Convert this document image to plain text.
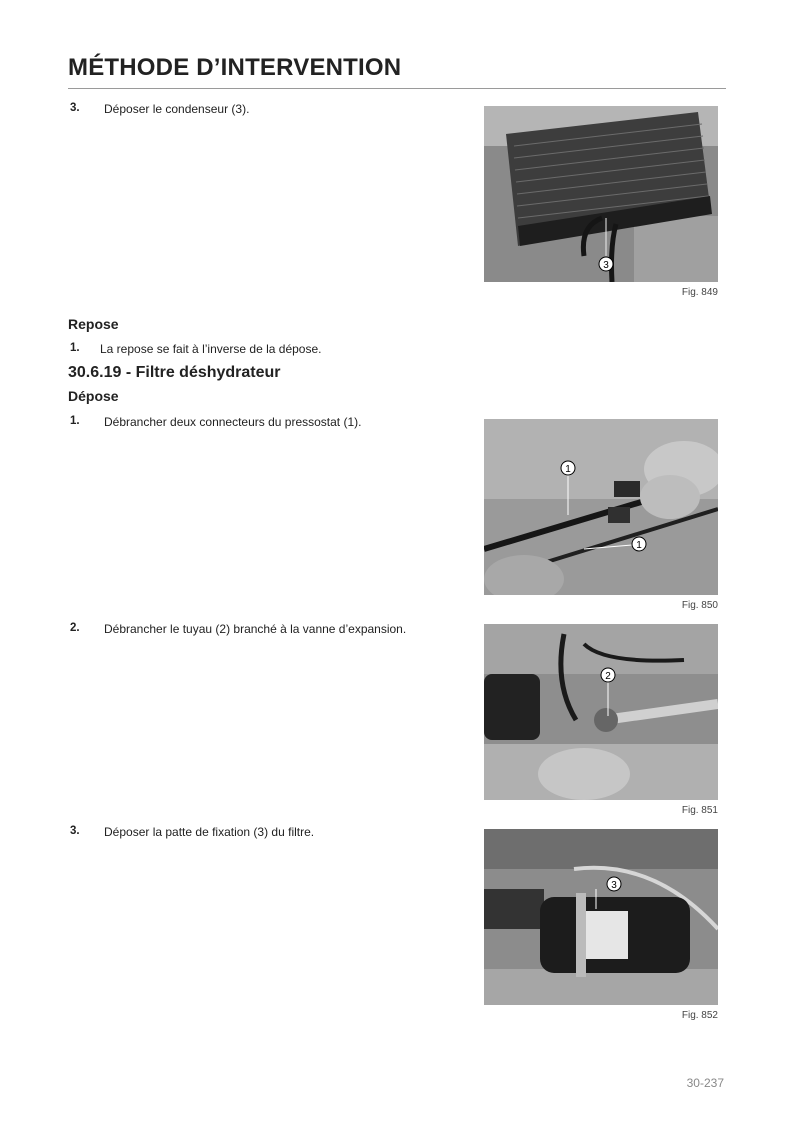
MÉTHODE D’INTERVENTION
3. Déposer le condenseur (3).
3
Fig. 849
Repose
1. La repose se fait à l’inverse de la dépose.
30.6.19 - Filtre déshydrateur
Dépose
1. Débrancher deux connecteurs du pressostat (1).
1
1
Fig. 850
2. Débrancher le tuyau (2) branché à la vanne d’expansion.
2
Fig. 851
3. Déposer la patte de fixation (3) du filtre.
3
Fig. 852
30-237
